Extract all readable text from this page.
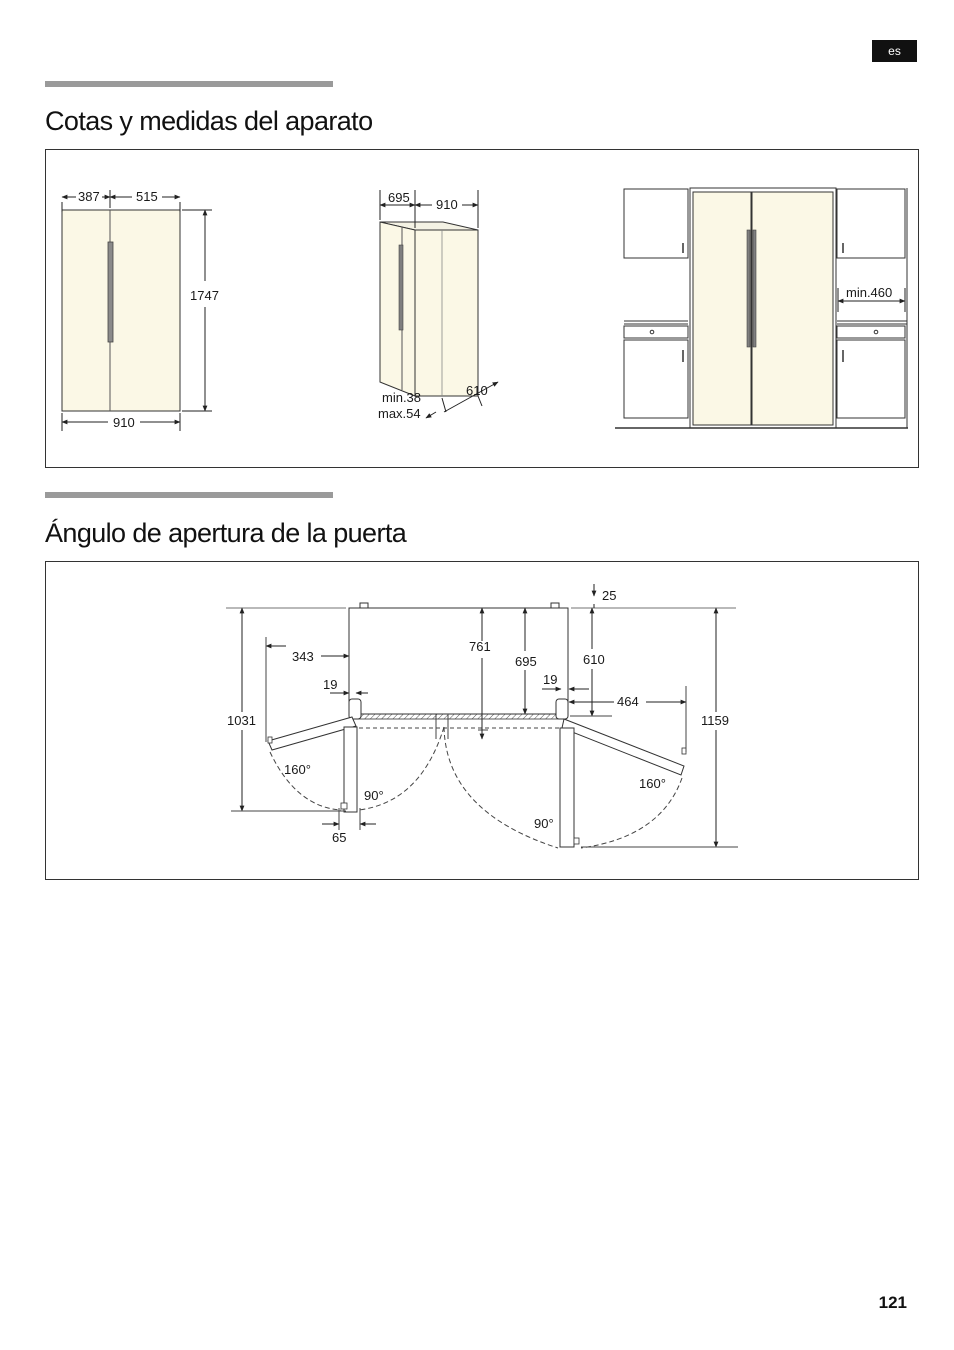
es
Cotas y medidas del aparato
387	515
1747
910
695 910
610
min.38
max.54
min.460
Ángulo de apertura de la puerta
25
343
761
695	610
19	19
464
1031	1159
160°
90°
90°
160°
65
121
